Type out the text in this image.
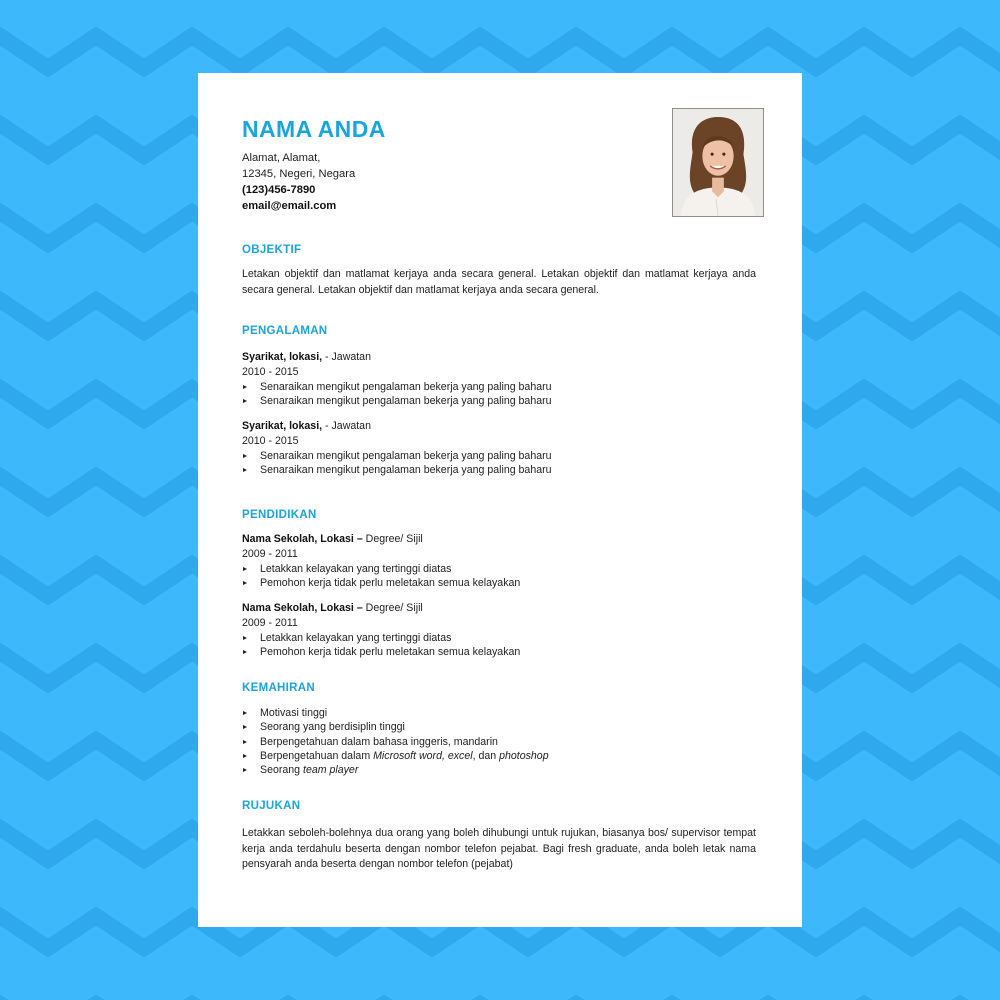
NAMA ANDA
Alamat, Alamat,
12345, Negeri, Negara
(123)456-7890
email@email.com
OBJEKTIF

Letakan objektif dan matlamat kerjaya anda secara general. Letakan objektif dan matlamat kerjaya anda secara general. Letakan objektif dan matlamat kerjaya anda secara general.

PENGALAMAN
Syarikat, lokasi, - Jawatan
2010 - 2015
Senaraikan mengikut pengalaman bekerja yang paling baharu
Senaraikan mengikut pengalaman bekerja yang paling baharu
Syarikat, lokasi, - Jawatan
2010 - 2015
Senaraikan mengikut pengalaman bekerja yang paling baharu
Senaraikan mengikut pengalaman bekerja yang paling baharu
PENDIDIKAN
Nama Sekolah, Lokasi – Degree/ Sijil
2009 - 2011
Letakkan kelayakan yang tertinggi diatas
Pemohon kerja tidak perlu meletakan semua kelayakan
Nama Sekolah, Lokasi – Degree/ Sijil
2009 - 2011
Letakkan kelayakan yang tertinggi diatas
Pemohon kerja tidak perlu meletakan semua kelayakan
KEMAHIRAN
Motivasi tinggi
Seorang yang berdisiplin tinggi
Berpengetahuan dalam bahasa inggeris, mandarin
Berpengetahuan dalam Microsoft word, excel, dan photoshop
Seorang team player
RUJUKAN

Letakkan seboleh-bolehnya dua orang yang boleh dihubungi untuk rujukan, biasanya bos/ supervisor tempat kerja anda terdahulu beserta dengan nombor telefon pejabat. Bagi fresh graduate, anda boleh letak nama pensyarah anda beserta dengan nombor telefon (pejabat)
